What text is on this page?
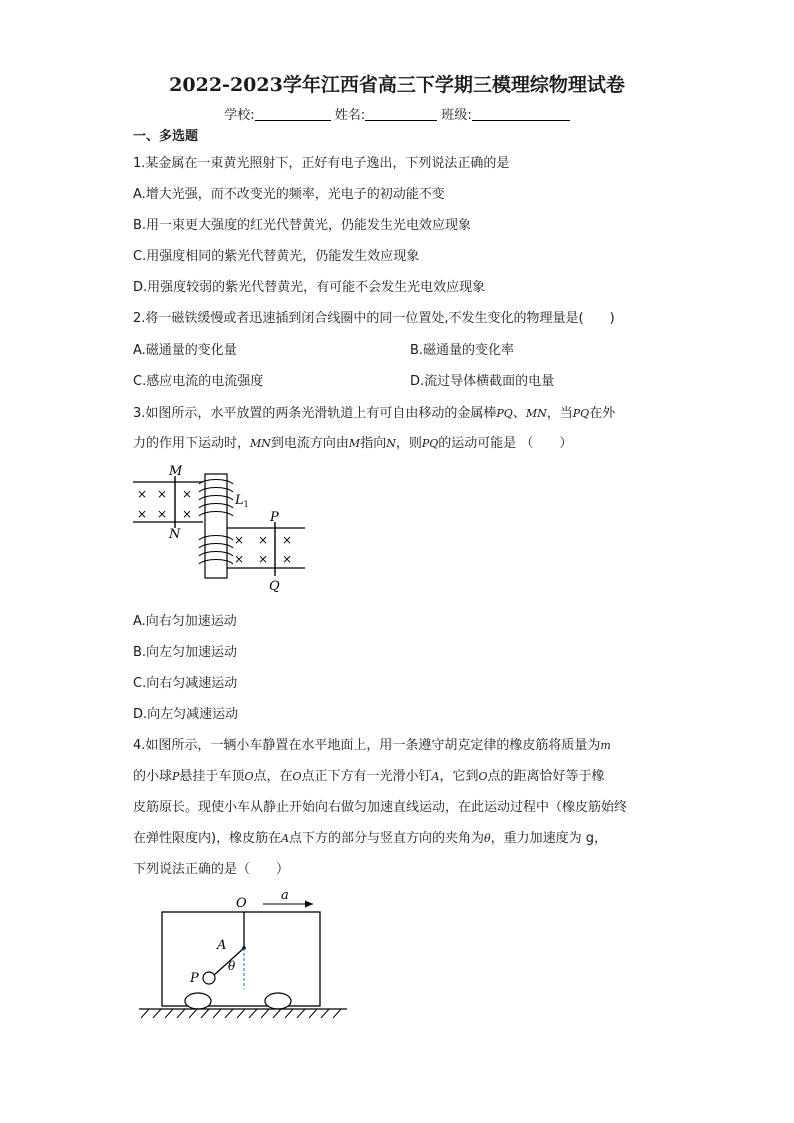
2022-2023学年江西省高三下学期三模理综物理试卷
学校:	姓名:	班级:
一、多选题
1.某金属在一束黄光照射下，正好有电子逸出，下列说法正确的是
A.增大光强，而不改变光的频率，光电子的初动能不变
B.用一束更大强度的红光代替黄光，仍能发生光电效应现象
C.用强度相同的紫光代替黄光，仍能发生效应现象
D.用强度较弱的紫光代替黄光，有可能不会发生光电效应现象
2.将一磁铁缓慢或者迅速插到闭合线圈中的同一位置处,不发生变化的物理量是(　　)
A.磁通量的变化量	B.磁通量的变化率
C.感应电流的电流强度	D.流过导体横截面的电量
3.如图所示，水平放置的两条光滑轨道上有可自由移动的金属棒PQ、MN，当PQ在外
力的作用下运动时，MN到电流方向由M指向N，则PQ的运动可能是 （　　）
× × ×
× × ×
M
N
$L_1$
× × ×
× × ×
P
Q
A.向右匀加速运动
B.向左匀加速运动
C.向右匀减速运动
D.向左匀减速运动
4.如图所示，一辆小车静置在水平地面上，用一条遵守胡克定律的橡皮筋将质量为m
的小球P悬挂于车顶O点，在O点正下方有一光滑小钉A，它到O点的距离恰好等于橡
皮筋原长。现使小车从静止开始向右做匀加速直线运动，在此运动过程中（橡皮筋始终
在弹性限度内)，橡皮筋在A点下方的部分与竖直方向的夹角为θ，重力加速度为 g，
下列说法正确的是（　　）
O
a
A
P
θ
